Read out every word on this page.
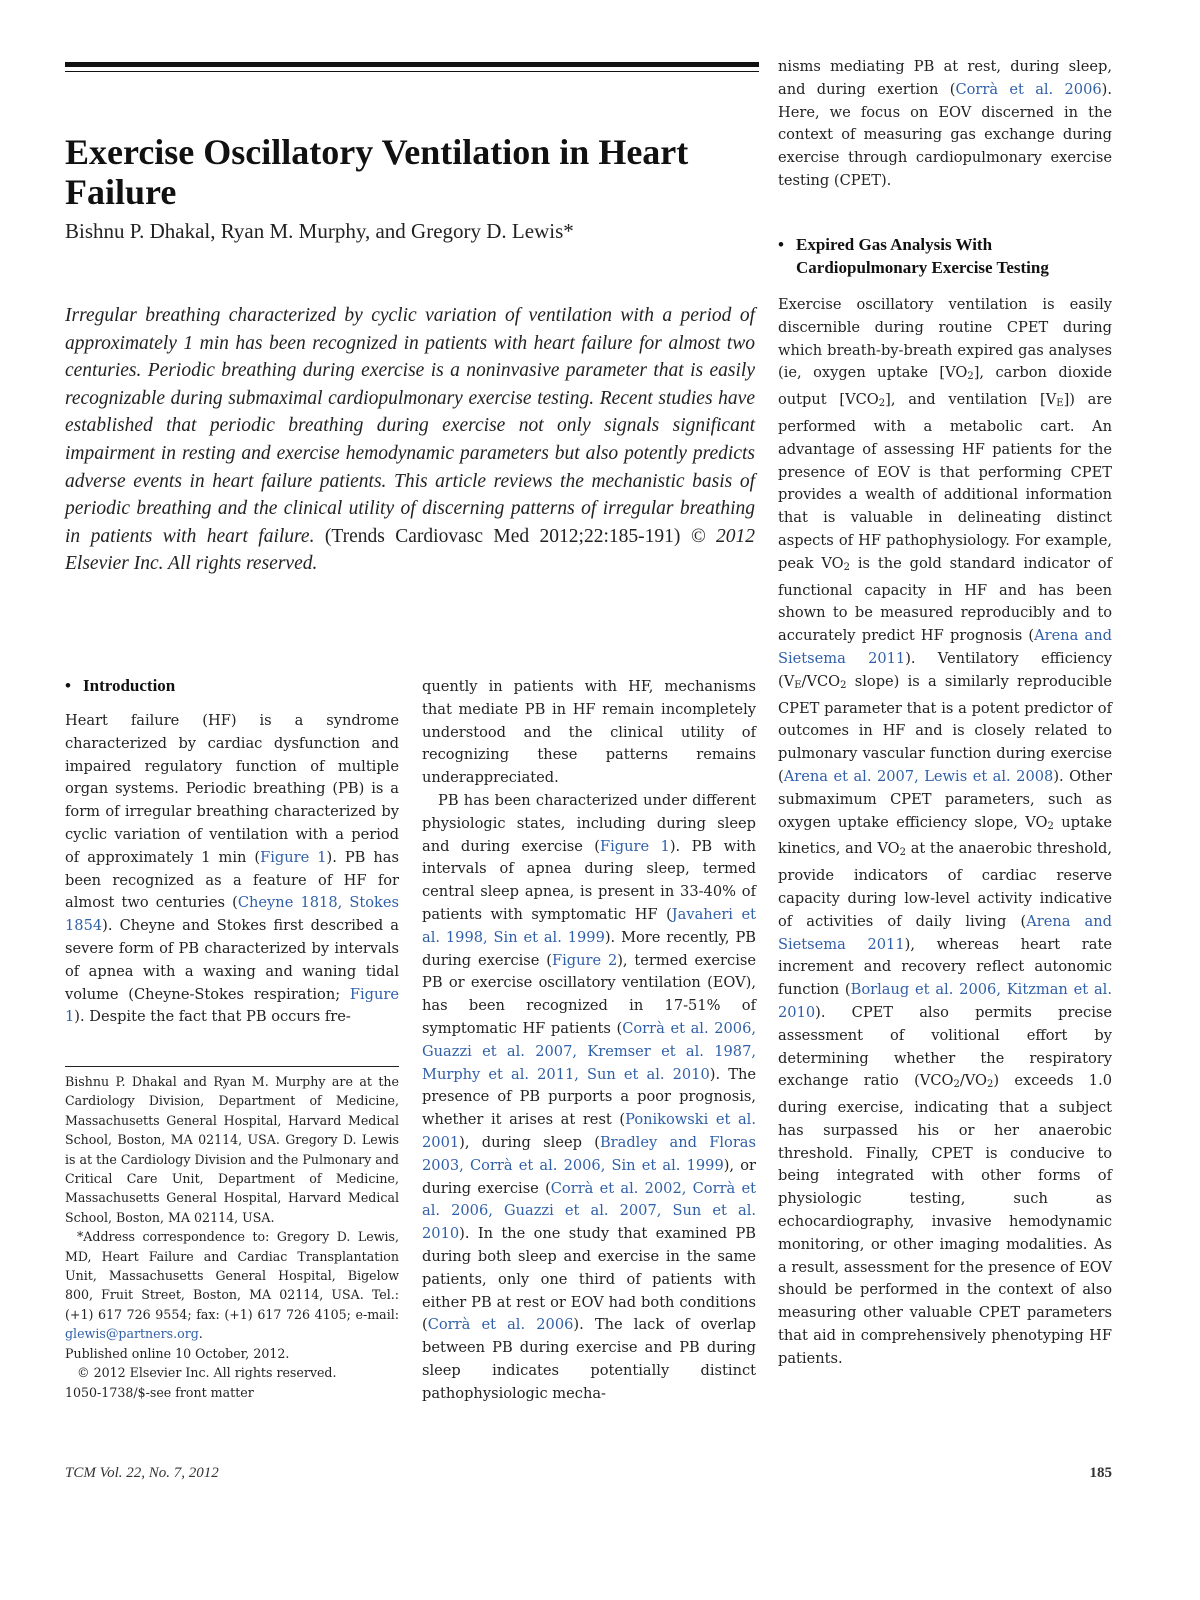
Exercise Oscillatory Ventilation in Heart Failure

Bishnu P. Dhakal, Ryan M. Murphy, and Gregory D. Lewis*

Irregular breathing characterized by cyclic variation of ventilation with a period of approximately 1 min has been recognized in patients with heart failure for almost two centuries. Periodic breathing during exercise is a noninvasive parameter that is easily recognizable during submaximal cardiopulmonary exercise testing. Recent studies have established that periodic breathing during exercise not only signals significant impairment in resting and exercise hemodynamic parameters but also potently predicts adverse events in heart failure patients. This article reviews the mechanistic basis of periodic breathing and the clinical utility of discerning patterns of irregular breathing in patients with heart failure. (Trends Cardiovasc Med 2012;22:185-191) © 2012 Elsevier Inc. All rights reserved.

• Introduction

Heart failure (HF) is a syndrome characterized by cardiac dysfunction and impaired regulatory function of multiple organ systems. Periodic breathing (PB) is a form of irregular breathing characterized by cyclic variation of ventilation with a period of approximately 1 min (Figure 1). PB has been recognized as a feature of HF for almost two centuries (Cheyne 1818, Stokes 1854). Cheyne and Stokes first described a severe form of PB characterized by intervals of apnea with a waxing and waning tidal volume (Cheyne-Stokes respiration; Figure 1). Despite the fact that PB occurs fre-

Bishnu P. Dhakal and Ryan M. Murphy are at the Cardiology Division, Department of Medicine, Massachusetts General Hospital, Harvard Medical School, Boston, MA 02114, USA. Gregory D. Lewis is at the Cardiology Division and the Pulmonary and Critical Care Unit, Department of Medicine, Massachusetts General Hospital, Harvard Medical School, Boston, MA 02114, USA.

*Address correspondence to: Gregory D. Lewis, MD, Heart Failure and Cardiac Transplantation Unit, Massachusetts General Hospital, Bigelow 800, Fruit Street, Boston, MA 02114, USA. Tel.: (+1) 617 726 9554; fax: (+1) 617 726 4105; e-mail: glewis@partners.org.

Published online 10 October, 2012.

© 2012 Elsevier Inc. All rights reserved.

1050-1738/$-see front matter

quently in patients with HF, mechanisms that mediate PB in HF remain incompletely understood and the clinical utility of recognizing these patterns remains underappreciated.

PB has been characterized under different physiologic states, including during sleep and during exercise (Figure 1). PB with intervals of apnea during sleep, termed central sleep apnea, is present in 33-40% of patients with symptomatic HF (Javaheri et al. 1998, Sin et al. 1999). More recently, PB during exercise (Figure 2), termed exercise PB or exercise oscillatory ventilation (EOV), has been recognized in 17-51% of symptomatic HF patients (Corrà et al. 2006, Guazzi et al. 2007, Kremser et al. 1987, Murphy et al. 2011, Sun et al. 2010). The presence of PB purports a poor prognosis, whether it arises at rest (Ponikowski et al. 2001), during sleep (Bradley and Floras 2003, Corrà et al. 2006, Sin et al. 1999), or during exercise (Corrà et al. 2002, Corrà et al. 2006, Guazzi et al. 2007, Sun et al. 2010). In the one study that examined PB during both sleep and exercise in the same patients, only one third of patients with either PB at rest or EOV had both conditions (Corrà et al. 2006). The lack of overlap between PB during exercise and PB during sleep indicates potentially distinct pathophysiologic mecha-

nisms mediating PB at rest, during sleep, and during exertion (Corrà et al. 2006). Here, we focus on EOV discerned in the context of measuring gas exchange during exercise through cardiopulmonary exercise testing (CPET).

• Expired Gas Analysis With
Cardiopulmonary Exercise Testing

Exercise oscillatory ventilation is easily discernible during routine CPET during which breath-by-breath expired gas analyses (ie, oxygen uptake $[VO_2]$, carbon dioxide output $[VCO_2]$, and ventilation $[V_E]$) are performed with a metabolic cart. An advantage of assessing HF patients for the presence of EOV is that performing CPET provides a wealth of additional information that is valuable in delineating distinct aspects of HF pathophysiology. For example, peak $VO_2$ is the gold standard indicator of functional capacity in HF and has been shown to be measured reproducibly and to accurately predict HF prognosis (Arena and Sietsema 2011). Ventilatory efficiency ($V_E/VCO_2$ slope) is a similarly reproducible CPET parameter that is a potent predictor of outcomes in HF and is closely related to pulmonary vascular function during exercise (Arena et al. 2007, Lewis et al. 2008). Other submaximum CPET parameters, such as oxygen uptake efficiency slope, $VO_2$ uptake kinetics, and $VO_2$ at the anaerobic threshold, provide indicators of cardiac reserve capacity during low-level activity indicative of activities of daily living (Arena and Sietsema 2011), whereas heart rate increment and recovery reflect autonomic function (Borlaug et al. 2006, Kitzman et al. 2010). CPET also permits precise assessment of volitional effort by determining whether the respiratory exchange ratio $(VCO_2/VO_2)$ exceeds 1.0 during exercise, indicating that a subject has surpassed his or her anaerobic threshold. Finally, CPET is conducive to being integrated with other forms of physiologic testing, such as echocardiography, invasive hemodynamic monitoring, or other imaging modalities. As a result, assessment for the presence of EOV should be performed in the context of also measuring other valuable CPET parameters that aid in comprehensively phenotyping HF patients.

TCM Vol. 22, No. 7, 2012	185
